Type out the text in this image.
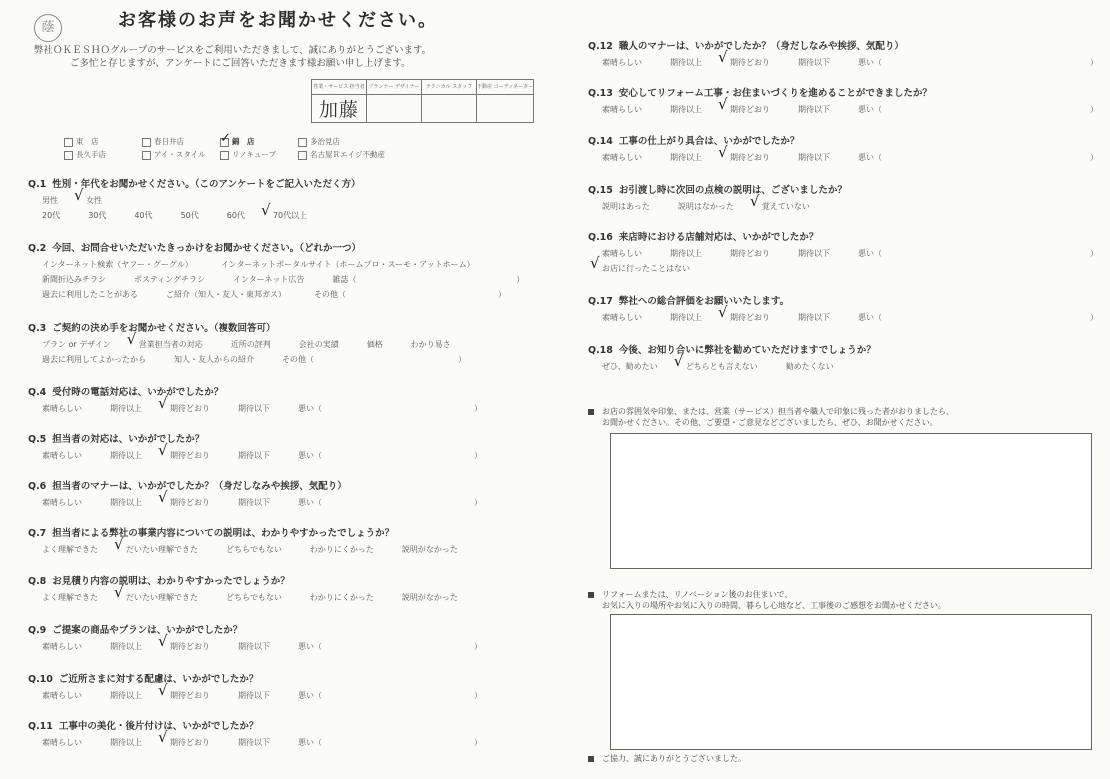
蔭	お客様のお声をお聞かせください。
弊社ＯＫＥＳＨＯグループのサービスをご利用いただきまして、誠にありがとうございます。
ご多忙と存じますが、アンケートにご回答いただきます様お願い申し上げます。
営業・サービス 担当者	プランナー デザイナー	テクニカル スタッフ	不動産 コーディネーター
加藤			
東　店	春日井店 ✓	錦　店	多治見店
長久手店	アイ・スタイル	リノキューブ	名古屋Ｒエイジ不動産
Q.1 性別・年代をお聞かせください。（このアンケートをご記入いただく方）
男性	√ 女性
20代	30代	40代	50代	60代	√ 70代以上
Q.2 今回、お問合せいただいたきっかけをお聞かせください。（どれか一つ）
インターネット検索（ヤフー・グーグル）	インターネットポータルサイト（ホームプロ・スーモ・アットホーム）
新聞折込みチラシ	ポスティングチラシ	インターネット広告	雑誌（　　　　　　　　　　　　　　　　　　　　）
過去に利用したことがある	ご紹介（知人・友人・東邦ガス）	その他（　　　　　　　　　　　　　　　　　　　）
Q.3 ご契約の決め手をお聞かせください。（複数回答可）
プラン or デザイン	√ 営業担当者の対応	近所の評判	会社の実績	価格	わかり易さ
過去に利用してよかったから	知人・友人からの紹介	その他（　　　　　　　　　　　　　　　　　　）
Q.4 受付時の電話対応は、いかがでしたか？
素晴らしい	期待以上	√ 期待どおり	期待以下	悪い（　　　　　　　　　　　　　　　　　　　）
Q.5 担当者の対応は、いかがでしたか？
素晴らしい	期待以上	√ 期待どおり	期待以下	悪い（　　　　　　　　　　　　　　　　　　　）
Q.6 担当者のマナーは、いかがでしたか？（身だしなみや挨拶、気配り）
素晴らしい	期待以上	√ 期待どおり	期待以下	悪い（　　　　　　　　　　　　　　　　　　　）
Q.7 担当者による弊社の事業内容についての説明は、わかりやすかったでしょうか？
よく理解できた	√ だいたい理解できた	どちらでもない	わかりにくかった	説明がなかった
Q.8 お見積り内容の説明は、わかりやすかったでしょうか？
よく理解できた	√ だいたい理解できた	どちらでもない	わかりにくかった	説明がなかった
Q.9 ご提案の商品やプランは、いかがでしたか？
素晴らしい	期待以上	√ 期待どおり	期待以下	悪い（　　　　　　　　　　　　　　　　　　　）
Q.10 ご近所さまに対する配慮は、いかがでしたか？
素晴らしい	期待以上	√ 期待どおり	期待以下	悪い（　　　　　　　　　　　　　　　　　　　）
Q.11 工事中の美化・後片付けは、いかがでしたか？
素晴らしい	期待以上	√ 期待どおり	期待以下	悪い（　　　　　　　　　　　　　　　　　　　）
Q.12 職人のマナーは、いかがでしたか？（身だしなみや挨拶、気配り）
素晴らしい	期待以上	√ 期待どおり	期待以下	悪い（　　　　　　　　　　　　　　　　　　　　　　　　　　）
Q.13 安心してリフォーム工事・お住まいづくりを進めることができましたか？
素晴らしい	期待以上	√ 期待どおり	期待以下	悪い（　　　　　　　　　　　　　　　　　　　　　　　　　　）
Q.14 工事の仕上がり具合は、いかがでしたか？
素晴らしい	期待以上	√ 期待どおり	期待以下	悪い（　　　　　　　　　　　　　　　　　　　　　　　　　　）
Q.15 お引渡し時に次回の点検の説明は、ございましたか？
説明はあった	説明はなかった	√ 覚えていない
Q.16 来店時における店舗対応は、いかがでしたか？
素晴らしい	期待以上	期待どおり	期待以下	悪い（　　　　　　　　　　　　　　　　　　　　　　　　　　）
√ お店に行ったことはない
Q.17 弊社への総合評価をお願いいたします。
素晴らしい	期待以上	√ 期待どおり	期待以下	悪い（　　　　　　　　　　　　　　　　　　　　　　　　　　）
Q.18 今後、お知り合いに弊社を勧めていただけますでしょうか？
ぜひ、勧めたい	√ どちらとも言えない	勧めたくない
お店の雰囲気や印象、または、営業（サービス）担当者や職人で印象に残った者がおりましたら、
お聞かせください。その他、ご要望・ご意見などございましたら、ぜひ、お聞かせください。
リフォームまたは、リノベーション後のお住まいで、
お気に入りの場所やお気に入りの時間、暮らし心地など、工事後のご感想をお聞かせください。
ご協力、誠にありがとうございました。
